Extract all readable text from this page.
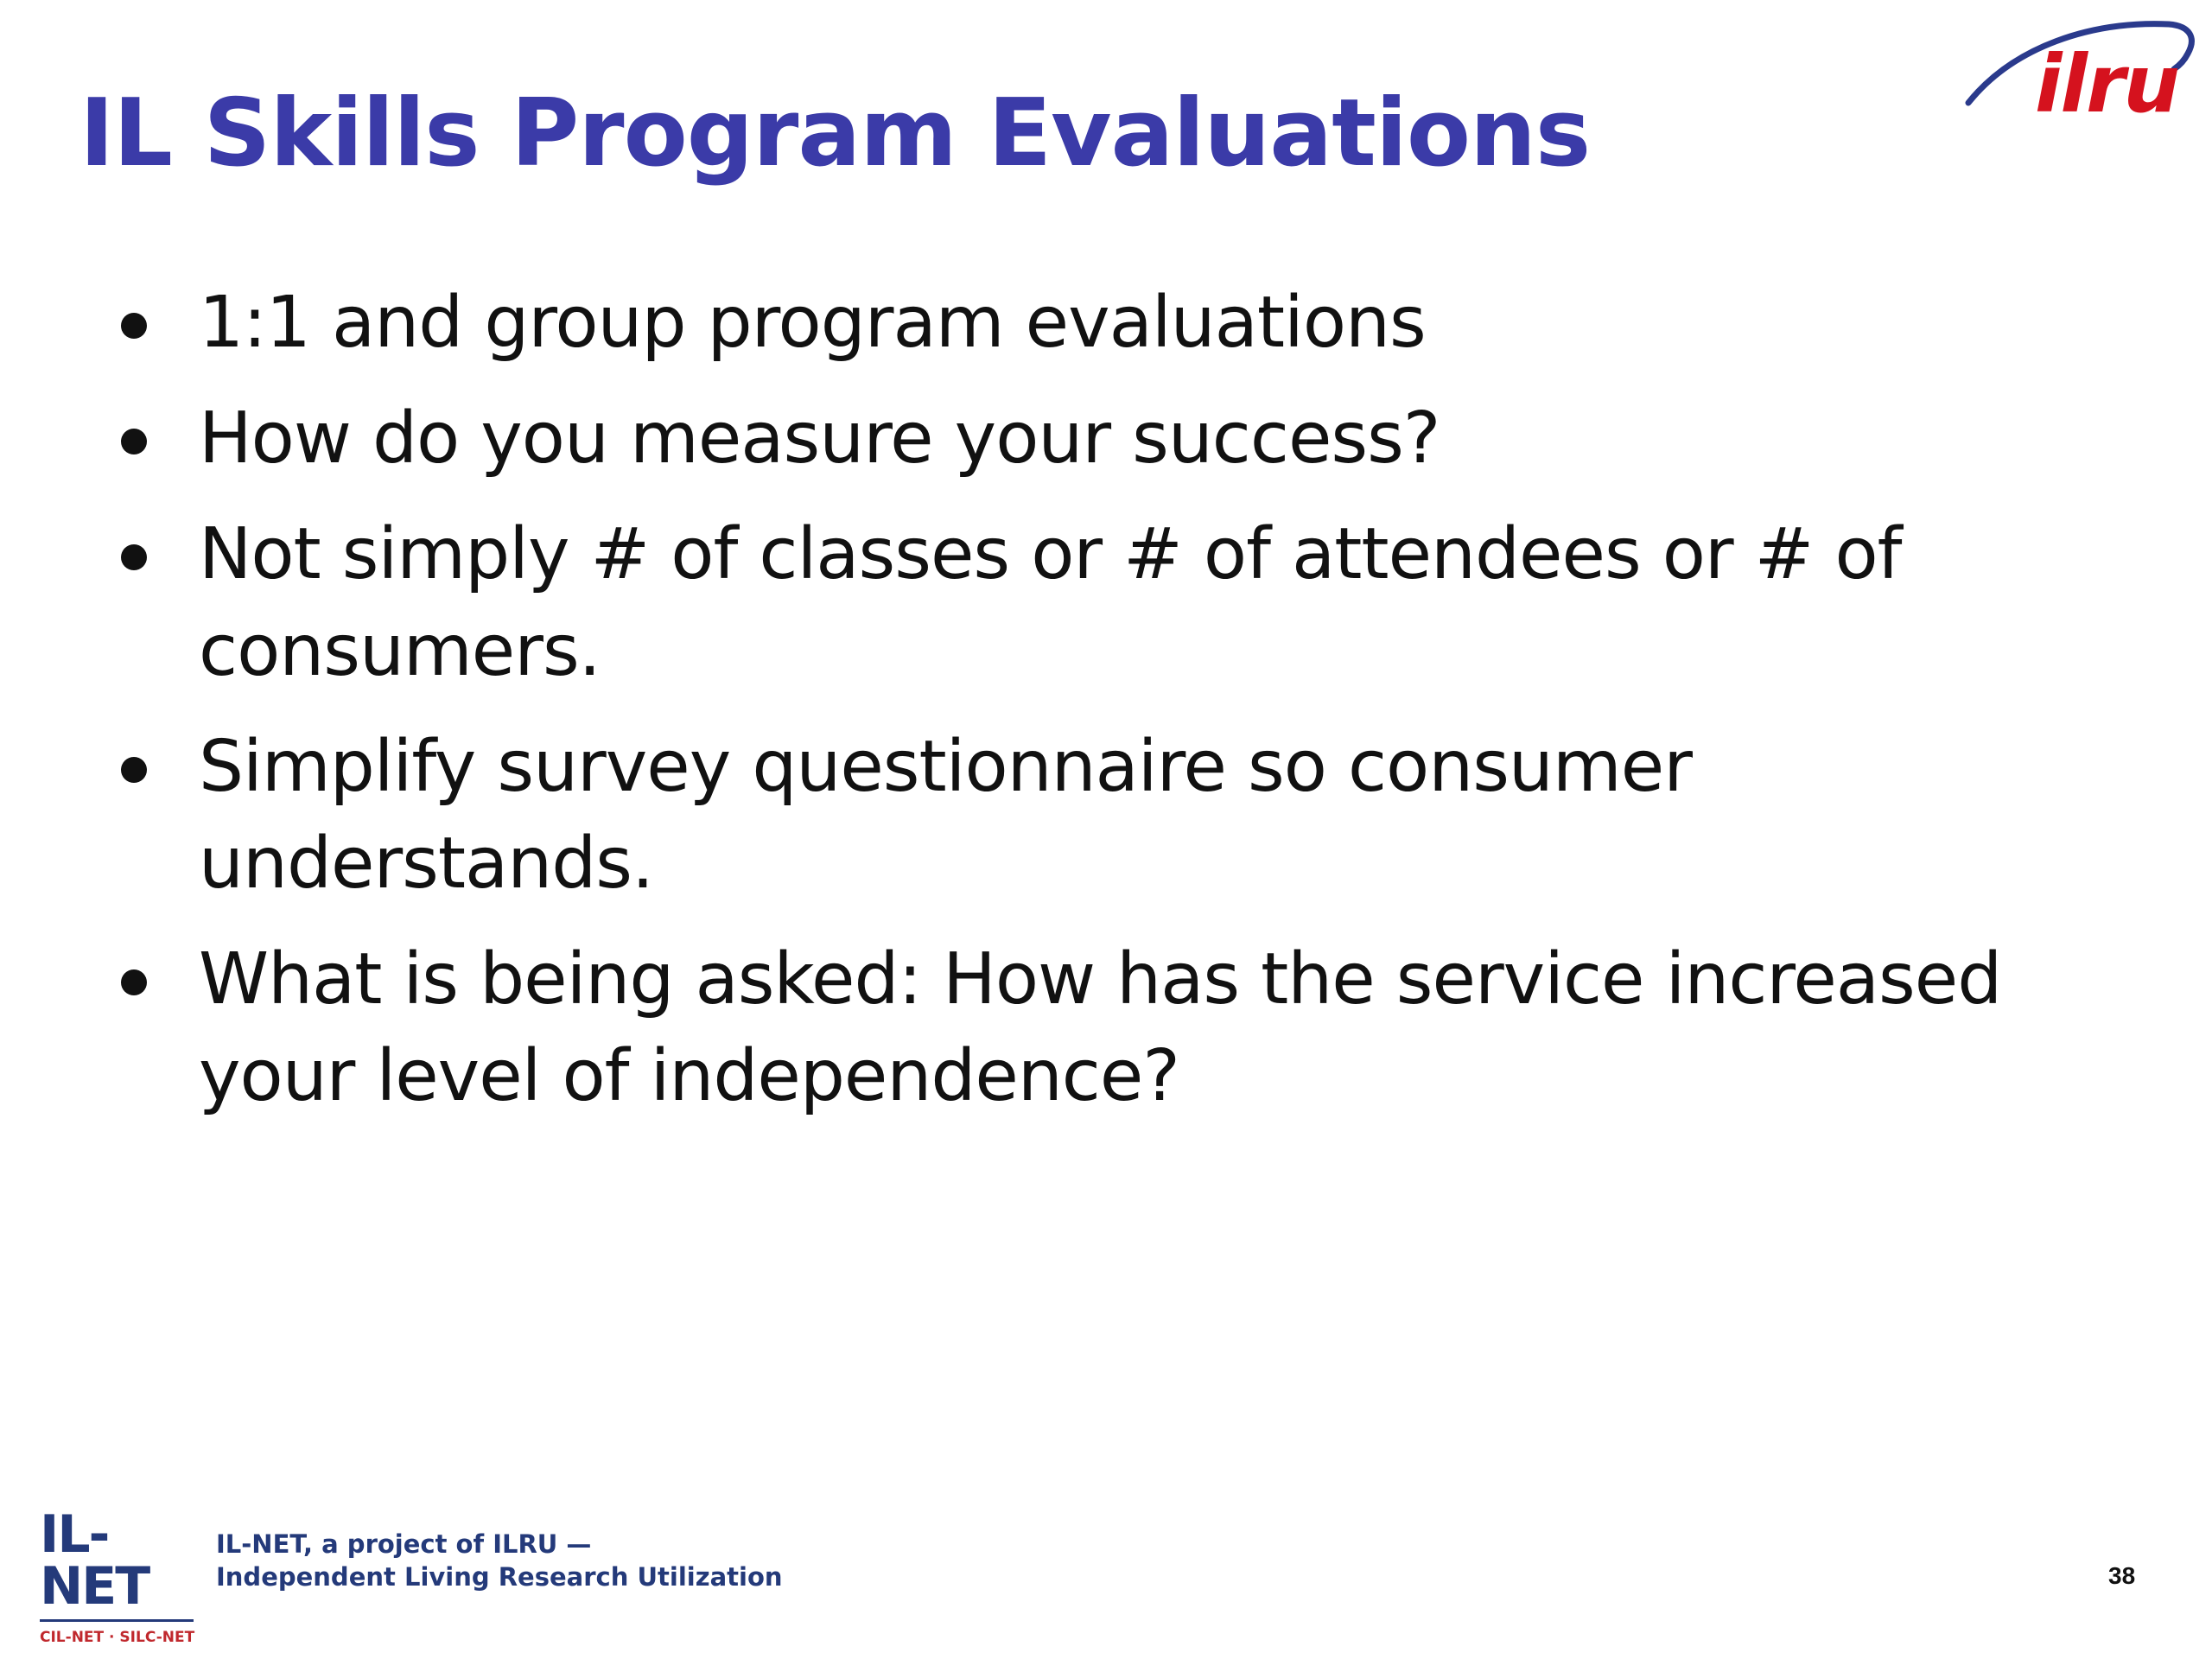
IL Skills Program Evaluations	ilru
1:1 and group program evaluations
How do you measure your success?
Not simply # of classes or # of attendees or # of consumers.
Simplify survey questionnaire so consumer understands.
What is being asked: How has the service increased your level of independence?
IL-NET
CIL-NET · SILC-NET
IL-NET, a project of ILRU —
Independent Living Research Utilization	38
